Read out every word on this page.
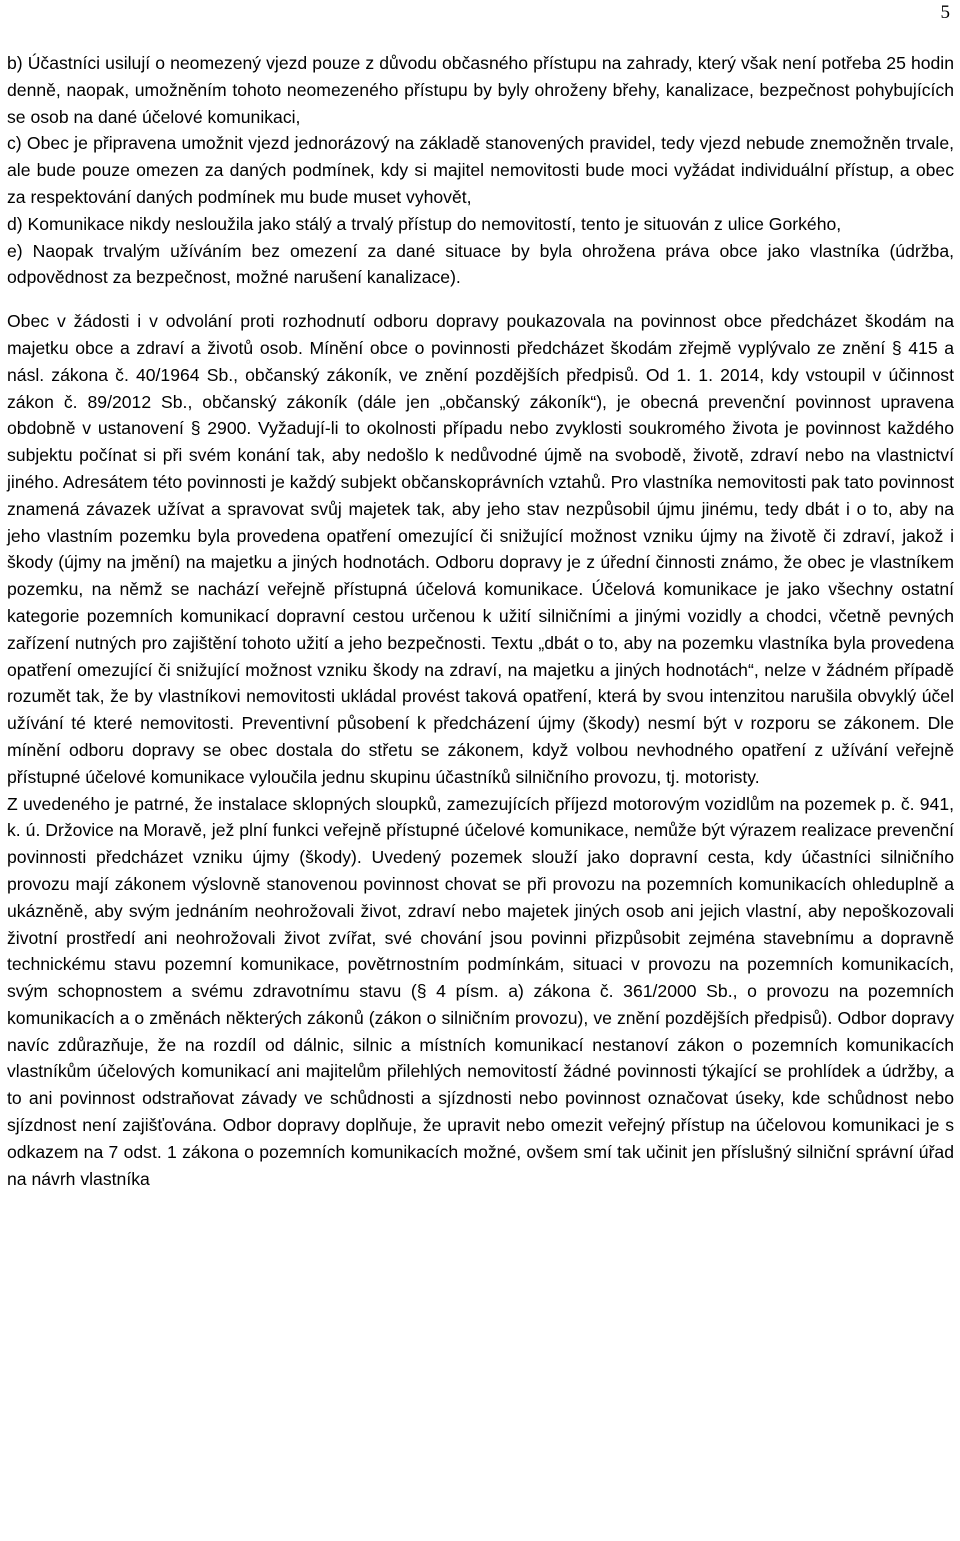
5

b) Účastníci usilují o neomezený vjezd pouze z důvodu občasného přístupu na zahrady, který však není potřeba 25 hodin denně, naopak, umožněním tohoto neomezeného přístupu by byly ohroženy břehy, kanalizace, bezpečnost pohybujících se osob na dané účelové komunikaci,

c) Obec je připravena umožnit vjezd jednorázový na základě stanovených pravidel, tedy vjezd nebude znemožněn trvale, ale bude pouze omezen za daných podmínek, kdy si majitel nemovitosti bude moci vyžádat individuální přístup, a obec za respektování daných podmínek mu bude muset vyhovět,

d) Komunikace nikdy nesloužila jako stálý a trvalý přístup do nemovitostí, tento je situován z ulice Gorkého,

e) Naopak trvalým užíváním bez omezení za dané situace by byla ohrožena práva obce jako vlastníka (údržba, odpovědnost za bezpečnost, možné narušení kanalizace).

Obec v žádosti i v odvolání proti rozhodnutí odboru dopravy poukazovala na povinnost obce předcházet škodám na majetku obce a zdraví a životů osob. Mínění obce o povinnosti předcházet škodám zřejmě vyplývalo ze znění § 415 a násl. zákona č. 40/1964 Sb., občanský zákoník, ve znění pozdějších předpisů. Od 1. 1. 2014, kdy vstoupil v účinnost zákon č. 89/2012 Sb., občanský zákoník (dále jen „občanský zákoník“), je obecná prevenční povinnost upravena obdobně v ustanovení § 2900. Vyžadují-li to okolnosti případu nebo zvyklosti soukromého života je povinnost každého subjektu počínat si při svém konání tak, aby nedošlo k nedůvodné újmě na svobodě, životě, zdraví nebo na vlastnictví jiného. Adresátem této povinnosti je každý subjekt občanskoprávních vztahů. Pro vlastníka nemovitosti pak tato povinnost znamená závazek užívat a spravovat svůj majetek tak, aby jeho stav nezpůsobil újmu jinému, tedy dbát i o to, aby na jeho vlastním pozemku byla provedena opatření omezující či snižující možnost vzniku újmy na životě či zdraví, jakož i škody (újmy na jmění) na majetku a jiných hodnotách. Odboru dopravy je z úřední činnosti známo, že obec je vlastníkem pozemku, na němž se nachází veřejně přístupná účelová komunikace. Účelová komunikace je jako všechny ostatní kategorie pozemních komunikací dopravní cestou určenou k užití silničními a jinými vozidly a chodci, včetně pevných zařízení nutných pro zajištění tohoto užití a jeho bezpečnosti. Textu „dbát o to, aby na pozemku vlastníka byla provedena opatření omezující či snižující možnost vzniku škody na zdraví, na majetku a jiných hodnotách“, nelze v žádném případě rozumět tak, že by vlastníkovi nemovitosti ukládal provést taková opatření, která by svou intenzitou narušila obvyklý účel užívání té které nemovitosti. Preventivní působení k předcházení újmy (škody) nesmí být v rozporu se zákonem. Dle mínění odboru dopravy se obec dostala do střetu se zákonem, když volbou nevhodného opatření z užívání veřejně přístupné účelové komunikace vyloučila jednu skupinu účastníků silničního provozu, tj. motoristy.

Z uvedeného je patrné, že instalace sklopných sloupků, zamezujících příjezd motorovým vozidlům na pozemek p. č. 941, k. ú. Držovice na Moravě, jež plní funkci veřejně přístupné účelové komunikace, nemůže být výrazem realizace prevenční povinnosti předcházet vzniku újmy (škody). Uvedený pozemek slouží jako dopravní cesta, kdy účastníci silničního provozu mají zákonem výslovně stanovenou povinnost chovat se při provozu na pozemních komunikacích ohleduplně a ukázněně, aby svým jednáním neohrožovali život, zdraví nebo majetek jiných osob ani jejich vlastní, aby nepoškozovali životní prostředí ani neohrožovali život zvířat, své chování jsou povinni přizpůsobit zejména stavebnímu a dopravně technickému stavu pozemní komunikace, povětrnostním podmínkám, situaci v provozu na pozemních komunikacích, svým schopnostem a svému zdravotnímu stavu (§ 4 písm. a) zákona č. 361/2000 Sb., o provozu na pozemních komunikacích a o změnách některých zákonů (zákon o silničním provozu), ve znění pozdějších předpisů). Odbor dopravy navíc zdůrazňuje, že na rozdíl od dálnic, silnic a místních komunikací nestanoví zákon o pozemních komunikacích vlastníkům účelových komunikací ani majitelům přilehlých nemovitostí žádné povinnosti týkající se prohlídek a údržby, a to ani povinnost odstraňovat závady ve schůdnosti a sjízdnosti nebo povinnost označovat úseky, kde schůdnost nebo sjízdnost není zajišťována. Odbor dopravy doplňuje, že upravit nebo omezit veřejný přístup na účelovou komunikaci je s odkazem na 7 odst. 1 zákona o pozemních komunikacích možné, ovšem smí tak učinit jen příslušný silniční správní úřad na návrh vlastníka
